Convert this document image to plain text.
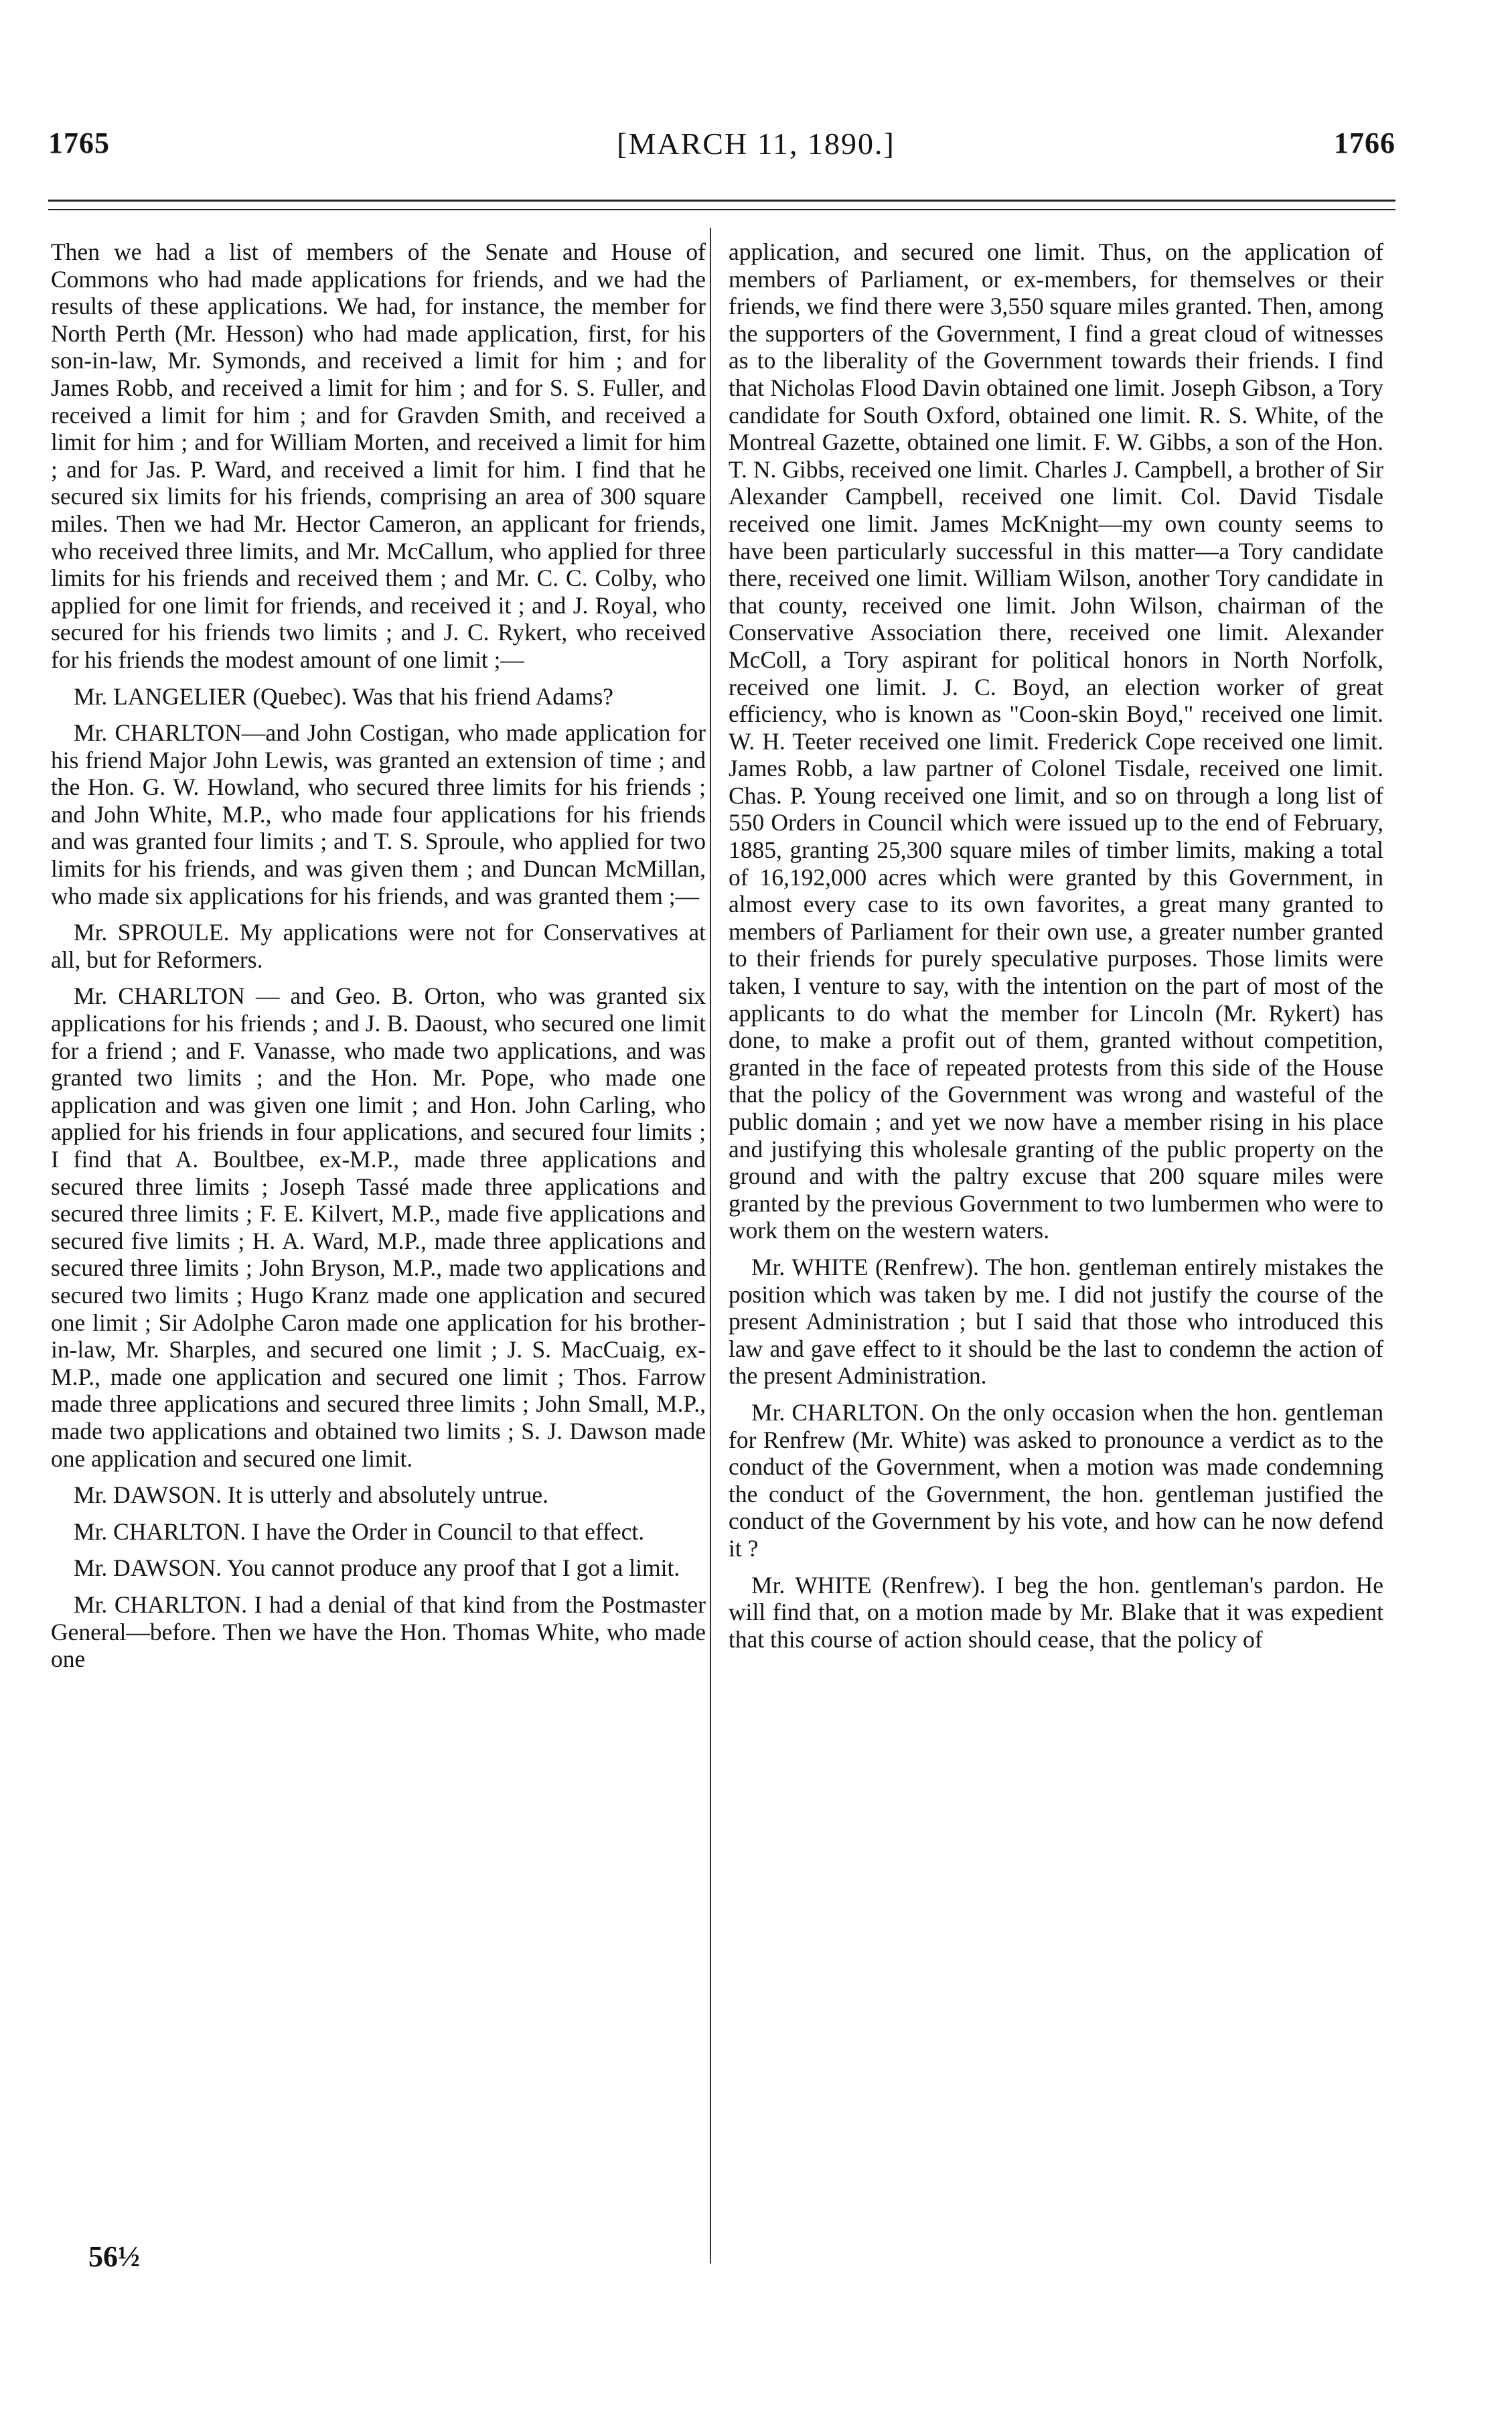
1765	[MARCH 11, 1890.]	1766

Then we had a list of members of the Senate and House of Commons who had made applications for friends, and we had the results of these applications. We had, for instance, the member for North Perth (Mr. Hesson) who had made application, first, for his son-in-law, Mr. Symonds, and received a limit for him ; and for James Robb, and received a limit for him ; and for S. S. Fuller, and received a limit for him ; and for Gravden Smith, and received a limit for him ; and for William Morten, and received a limit for him ; and for Jas. P. Ward, and received a limit for him. I find that he secured six limits for his friends, comprising an area of 300 square miles. Then we had Mr. Hector Cameron, an applicant for friends, who received three limits, and Mr. McCallum, who applied for three limits for his friends and received them ; and Mr. C. C. Colby, who applied for one limit for friends, and received it ; and J. Royal, who secured for his friends two limits ; and J. C. Rykert, who received for his friends the modest amount of one limit ;—

Mr. LANGELIER (Quebec). Was that his friend Adams?

Mr. CHARLTON—and John Costigan, who made application for his friend Major John Lewis, was granted an extension of time ; and the Hon. G. W. Howland, who secured three limits for his friends ; and John White, M.P., who made four applications for his friends and was granted four limits ; and T. S. Sproule, who applied for two limits for his friends, and was given them ; and Duncan McMillan, who made six applications for his friends, and was granted them ;—

Mr. SPROULE. My applications were not for Conservatives at all, but for Reformers.

Mr. CHARLTON — and Geo. B. Orton, who was granted six applications for his friends ; and J. B. Daoust, who secured one limit for a friend ; and F. Vanasse, who made two applications, and was granted two limits ; and the Hon. Mr. Pope, who made one application and was given one limit ; and Hon. John Carling, who applied for his friends in four applications, and secured four limits ; I find that A. Boultbee, ex-M.P., made three applications and secured three limits ; Joseph Tassé made three applications and secured three limits ; F. E. Kilvert, M.P., made five applications and secured five limits ; H. A. Ward, M.P., made three applications and secured three limits ; John Bryson, M.P., made two applications and secured two limits ; Hugo Kranz made one application and secured one limit ; Sir Adolphe Caron made one application for his brother-in-law, Mr. Sharples, and secured one limit ; J. S. MacCuaig, ex-M.P., made one application and secured one limit ; Thos. Farrow made three applications and secured three limits ; John Small, M.P., made two applications and obtained two limits ; S. J. Dawson made one application and secured one limit.

Mr. DAWSON. It is utterly and absolutely untrue.

Mr. CHARLTON. I have the Order in Council to that effect.

Mr. DAWSON. You cannot produce any proof that I got a limit.

Mr. CHARLTON. I had a denial of that kind from the Postmaster General—before. Then we have the Hon. Thomas White, who made one

application, and secured one limit. Thus, on the application of members of Parliament, or ex-members, for themselves or their friends, we find there were 3,550 square miles granted. Then, among the supporters of the Government, I find a great cloud of witnesses as to the liberality of the Government towards their friends. I find that Nicholas Flood Davin obtained one limit. Joseph Gibson, a Tory candidate for South Oxford, obtained one limit. R. S. White, of the Montreal Gazette, obtained one limit. F. W. Gibbs, a son of the Hon. T. N. Gibbs, received one limit. Charles J. Campbell, a brother of Sir Alexander Campbell, received one limit. Col. David Tisdale received one limit. James McKnight—my own county seems to have been particularly successful in this matter—a Tory candidate there, received one limit. William Wilson, another Tory candidate in that county, received one limit. John Wilson, chairman of the Conservative Association there, received one limit. Alexander McColl, a Tory aspirant for political honors in North Norfolk, received one limit. J. C. Boyd, an election worker of great efficiency, who is known as "Coon-skin Boyd," received one limit. W. H. Teeter received one limit. Frederick Cope received one limit. James Robb, a law partner of Colonel Tisdale, received one limit. Chas. P. Young received one limit, and so on through a long list of 550 Orders in Council which were issued up to the end of February, 1885, granting 25,300 square miles of timber limits, making a total of 16,192,000 acres which were granted by this Government, in almost every case to its own favorites, a great many granted to members of Parliament for their own use, a greater number granted to their friends for purely speculative purposes. Those limits were taken, I venture to say, with the intention on the part of most of the applicants to do what the member for Lincoln (Mr. Rykert) has done, to make a profit out of them, granted without competition, granted in the face of repeated protests from this side of the House that the policy of the Government was wrong and wasteful of the public domain ; and yet we now have a member rising in his place and justifying this wholesale granting of the public property on the ground and with the paltry excuse that 200 square miles were granted by the previous Government to two lumbermen who were to work them on the western waters.

Mr. WHITE (Renfrew). The hon. gentleman entirely mistakes the position which was taken by me. I did not justify the course of the present Administration ; but I said that those who introduced this law and gave effect to it should be the last to condemn the action of the present Administration.

Mr. CHARLTON. On the only occasion when the hon. gentleman for Renfrew (Mr. White) was asked to pronounce a verdict as to the conduct of the Government, when a motion was made condemning the conduct of the Government, the hon. gentleman justified the conduct of the Government by his vote, and how can he now defend it ?

Mr. WHITE (Renfrew). I beg the hon. gentleman's pardon. He will find that, on a motion made by Mr. Blake that it was expedient that this course of action should cease, that the policy of

56½
